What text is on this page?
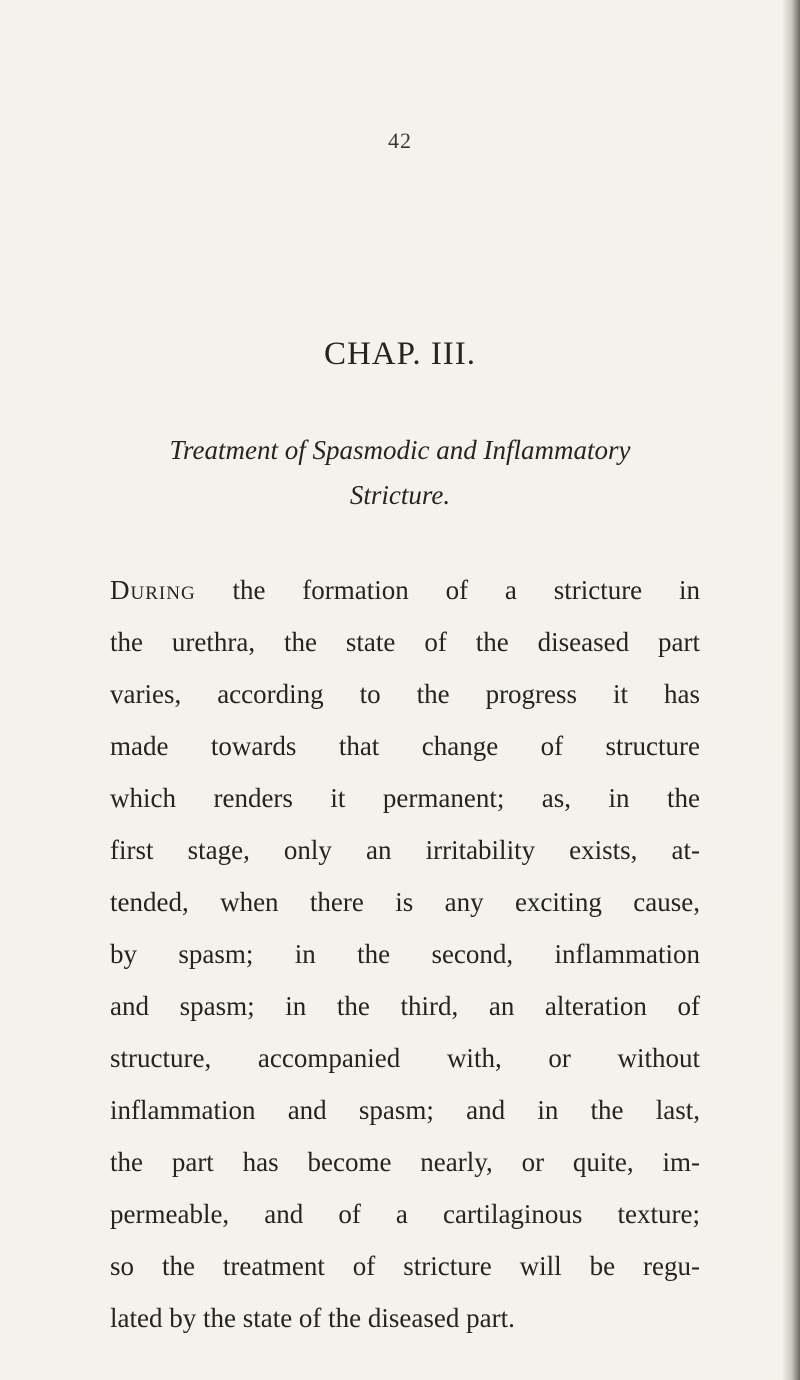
42
CHAP. III.
Treatment of Spasmodic and Inflammatory
Stricture.
During the formation of a stricture in
the urethra, the state of the diseased part
varies, according to the progress it has
made towards that change of structure
which renders it permanent; as, in the
first stage, only an irritability exists, at-
tended, when there is any exciting cause,
by spasm; in the second, inflammation
and spasm; in the third, an alteration of
structure, accompanied with, or without
inflammation and spasm; and in the last,
the part has become nearly, or quite, im-
permeable, and of a cartilaginous texture;
so the treatment of stricture will be regu-
lated by the state of the diseased part.
